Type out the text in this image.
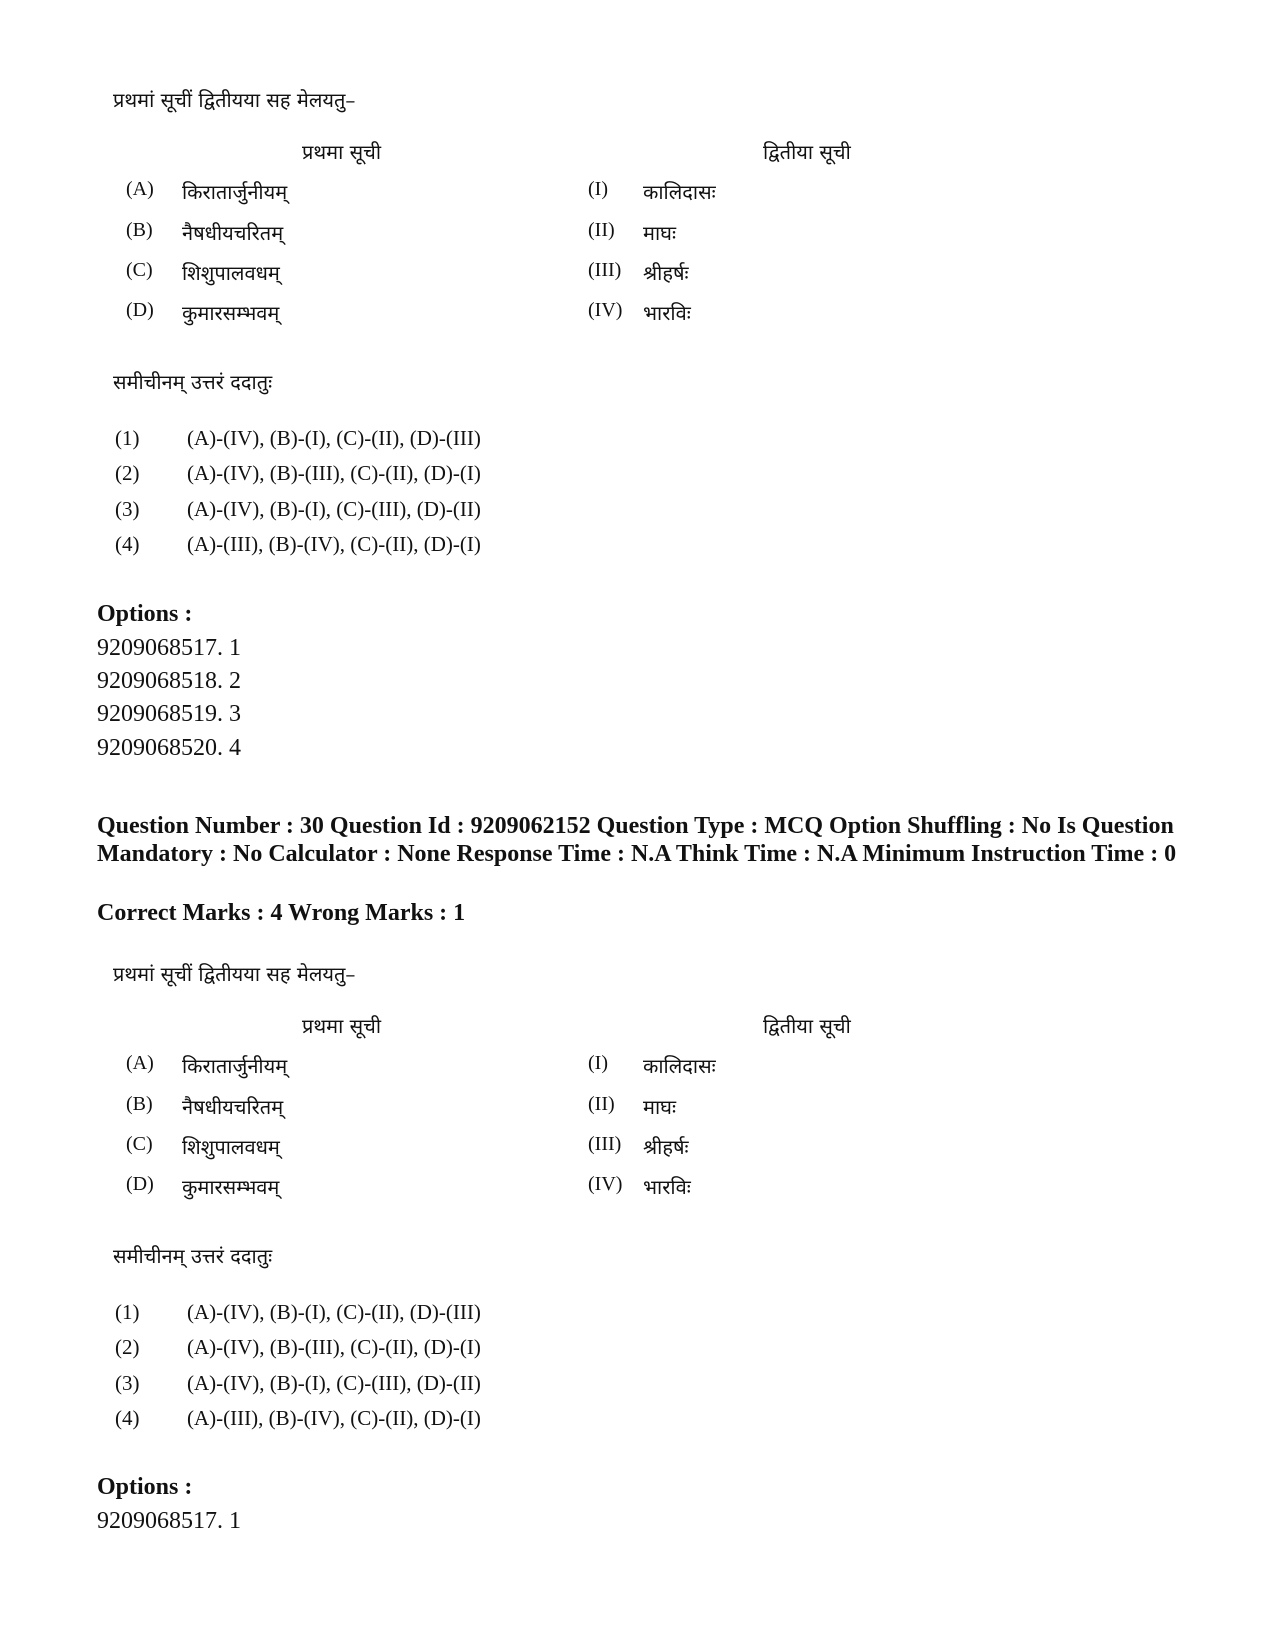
प्रथमां सूचीं द्वितीयया सह मेलयतु–
प्रथमा सूची	द्वितीया सूची
(A) किरातार्जुनीयम्	(I) कालिदासः
(B) नैषधीयचरितम्	(II) माघः
(C) शिशुपालवधम्	(III) श्रीहर्षः
(D) कुमारसम्भवम्	(IV) भारविः
समीचीनम् उत्तरं ददातुः
(1) (A)-(IV), (B)-(I), (C)-(II), (D)-(III)
(2) (A)-(IV), (B)-(III), (C)-(II), (D)-(I)
(3) (A)-(IV), (B)-(I), (C)-(III), (D)-(II)
(4) (A)-(III), (B)-(IV), (C)-(II), (D)-(I)
Options :
9209068517. 1
9209068518. 2
9209068519. 3
9209068520. 4
Question Number : 30 Question Id : 9209062152 Question Type : MCQ Option Shuffling : No Is Question Mandatory : No Calculator : None Response Time : N.A Think Time : N.A Minimum Instruction Time : 0
Correct Marks : 4 Wrong Marks : 1
प्रथमां सूचीं द्वितीयया सह मेलयतु–
प्रथमा सूची	द्वितीया सूची
(A) किरातार्जुनीयम्	(I) कालिदासः
(B) नैषधीयचरितम्	(II) माघः
(C) शिशुपालवधम्	(III) श्रीहर्षः
(D) कुमारसम्भवम्	(IV) भारविः
समीचीनम् उत्तरं ददातुः
(1) (A)-(IV), (B)-(I), (C)-(II), (D)-(III)
(2) (A)-(IV), (B)-(III), (C)-(II), (D)-(I)
(3) (A)-(IV), (B)-(I), (C)-(III), (D)-(II)
(4) (A)-(III), (B)-(IV), (C)-(II), (D)-(I)
Options :
9209068517. 1
